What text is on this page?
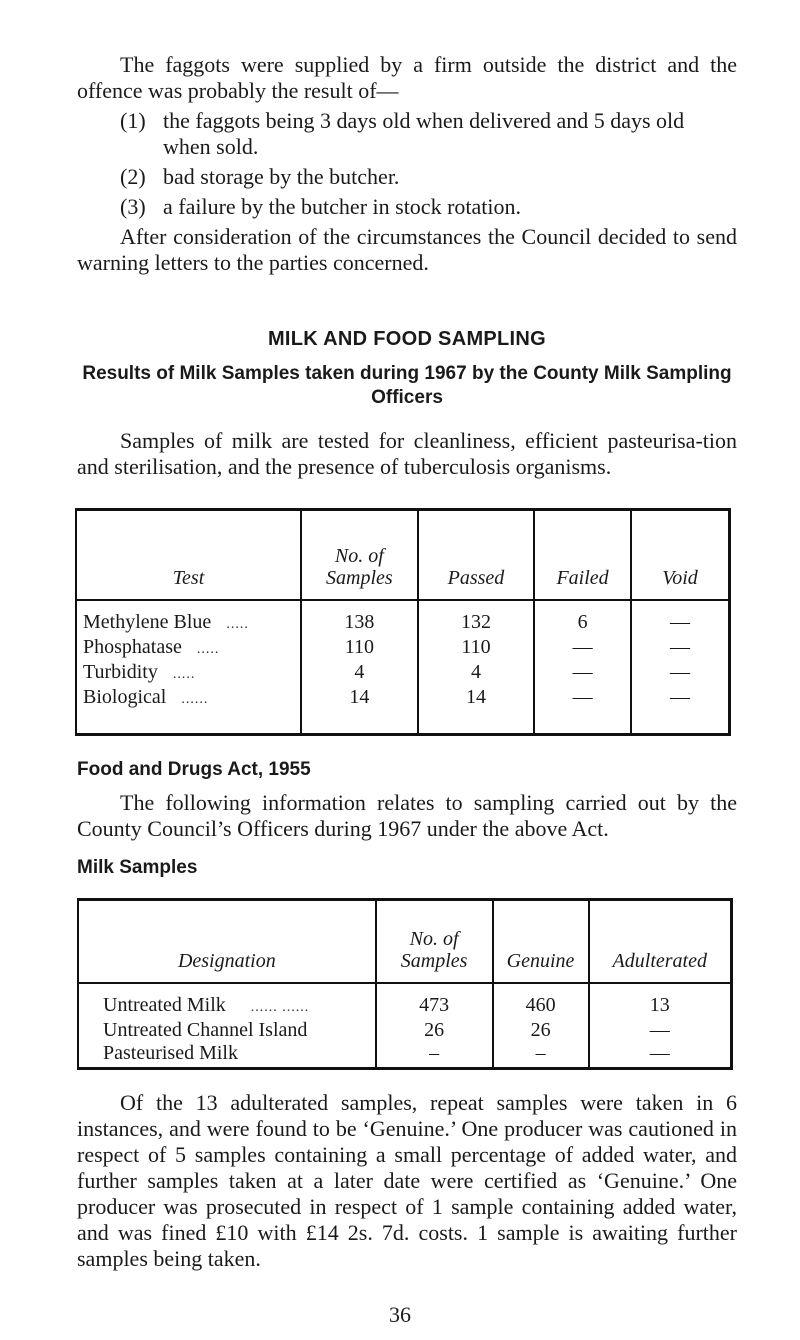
The faggots were supplied by a firm outside the district and the offence was probably the result of—

(1) the faggots being 3 days old when delivered and 5 days old when sold.
(2) bad storage by the butcher.
(3) a failure by the butcher in stock rotation.

After consideration of the circumstances the Council decided to send warning letters to the parties concerned.

MILK AND FOOD SAMPLING
Results of Milk Samples taken during 1967 by the County Milk Sampling Officers

Samples of milk are tested for cleanliness, efficient pasteurisa-tion and sterilisation, and the presence of tuberculosis organisms.

Test	No. of Samples	Passed	Failed	Void
Methylene Blue .....	138	132	6	—
Phosphatase .....	110	110	—	—
Turbidity .....	4	4	—	—
Biological ......	14	14	—	—
Food and Drugs Act, 1955

The following information relates to sampling carried out by the County Council’s Officers during 1967 under the above Act.

Milk Samples
Designation	No. of Samples	Genuine	Adulterated
Untreated Milk ...... ......	473	460	13
Untreated Channel Island	26	26	—
Pasteurised Milk	–	–	—

Of the 13 adulterated samples, repeat samples were taken in 6 instances, and were found to be ‘Genuine.’ One producer was cautioned in respect of 5 samples containing a small percentage of added water, and further samples taken at a later date were certified as ‘Genuine.’ One producer was prosecuted in respect of 1 sample containing added water, and was fined £10 with £14 2s. 7d. costs. 1 sample is awaiting further samples being taken.

36
